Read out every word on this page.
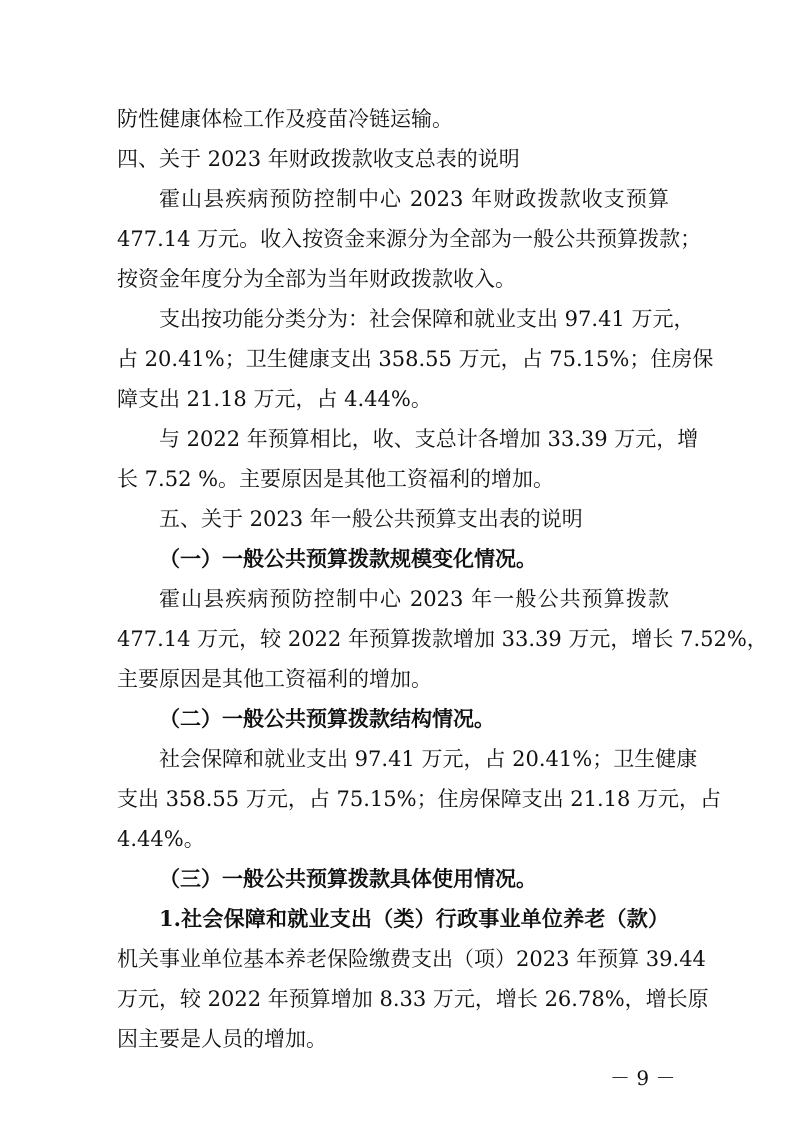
防性健康体检工作及疫苗冷链运输。
四、关于 2023 年财政拨款收支总表的说明
霍山县疾病预防控制中心 2023 年财政拨款收支预算
477.14 万元。收入按资金来源分为全部为一般公共预算拨款；
按资金年度分为全部为当年财政拨款收入。
支出按功能分类分为：社会保障和就业支出 97.41 万元，
占 20.41%；卫生健康支出 358.55 万元，占 75.15%；住房保
障支出 21.18 万元，占 4.44%。
与 2022 年预算相比，收、支总计各增加 33.39 万元，增
长 7.52 %。主要原因是其他工资福利的增加。
五、关于 2023 年一般公共预算支出表的说明
（一）一般公共预算拨款规模变化情况。
霍山县疾病预防控制中心 2023 年一般公共预算拨款
477.14 万元，较 2022 年预算拨款增加 33.39 万元，增长 7.52%，
主要原因是其他工资福利的增加。
（二）一般公共预算拨款结构情况。
社会保障和就业支出 97.41 万元，占 20.41%；卫生健康
支出 358.55 万元，占 75.15%；住房保障支出 21.18 万元，占
4.44%。
（三）一般公共预算拨款具体使用情况。
1.社会保障和就业支出（类）行政事业单位养老（款）
机关事业单位基本养老保险缴费支出（项）2023 年预算 39.44
万元，较 2022 年预算增加 8.33 万元，增长 26.78%，增长原
因主要是人员的增加。
－ 9 －
